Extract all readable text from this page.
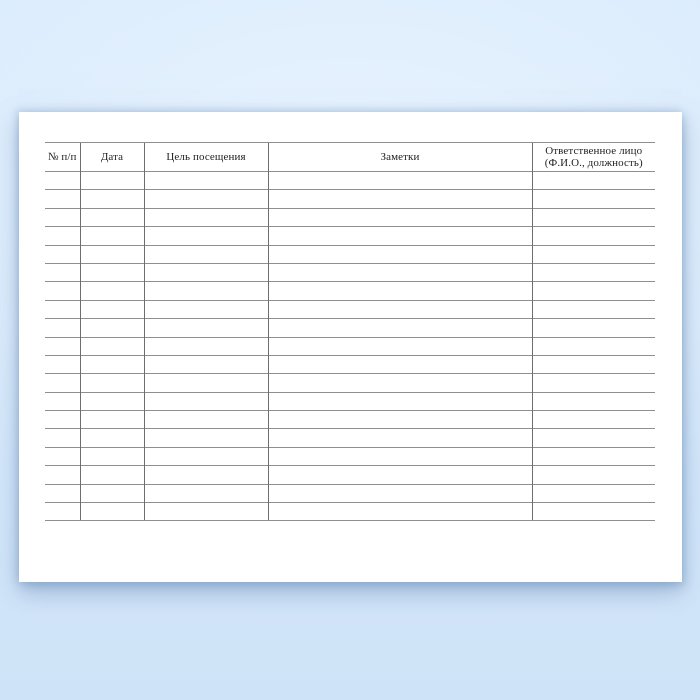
№ п/п	Дата	Цель посещения	Заметки	Ответственное лицо (Ф.И.О., должность)
